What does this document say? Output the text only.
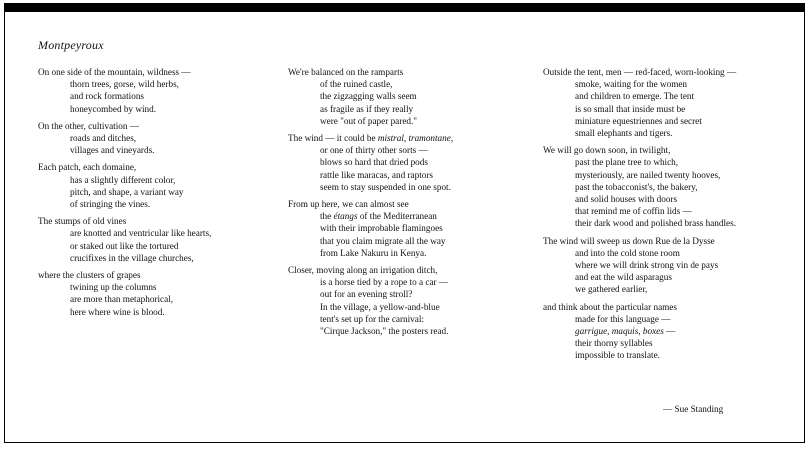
Montpeyroux
On one side of the mountain, wildness —
thorn trees, gorse, wild herbs,
and rock formations
honeycombed by wind.
On the other, cultivation —
roads and ditches,
villages and vineyards.
Each patch, each domaine,
has a slightly different color,
pitch, and shape, a variant way
of stringing the vines.
The stumps of old vines
are knotted and ventricular like hearts,
or staked out like the tortured
crucifixes in the village churches,
where the clusters of grapes
twining up the columns
are more than metaphorical,
here where wine is blood.
We're balanced on the ramparts
of the ruined castle,
the zigzagging walls seem
as fragile as if they really
were "out of paper pared."
The wind — it could be mistral, tramontane,
or one of thirty other sorts —
blows so hard that dried pods
rattle like maracas, and raptors
seem to stay suspended in one spot.
From up here, we can almost see
the étangs of the Mediterranean
with their improbable flamingoes
that you claim migrate all the way
from Lake Nakuru in Kenya.
Closer, moving along an irrigation ditch,
is a horse tied by a rope to a car —
out for an evening stroll?
In the village, a yellow-and-blue
tent's set up for the carnival:
"Cirque Jackson," the posters read.
Outside the tent, men — red-faced, worn-looking —
smoke, waiting for the women
and children to emerge. The tent
is so small that inside must be
miniature equestriennes and secret
small elephants and tigers.
We will go down soon, in twilight,
past the plane tree to which,
mysteriously, are nailed twenty hooves,
past the tobacconist's, the bakery,
and solid houses with doors
that remind me of coffin lids —
their dark wood and polished brass handles.
The wind will sweep us down Rue de la Dysse
and into the cold stone room
where we will drink strong vin de pays
and eat the wild asparagus
we gathered earlier,
and think about the particular names
made for this language —
garrigue, maquis, boxes —
their thorny syllables
impossible to translate.
— Sue Standing
